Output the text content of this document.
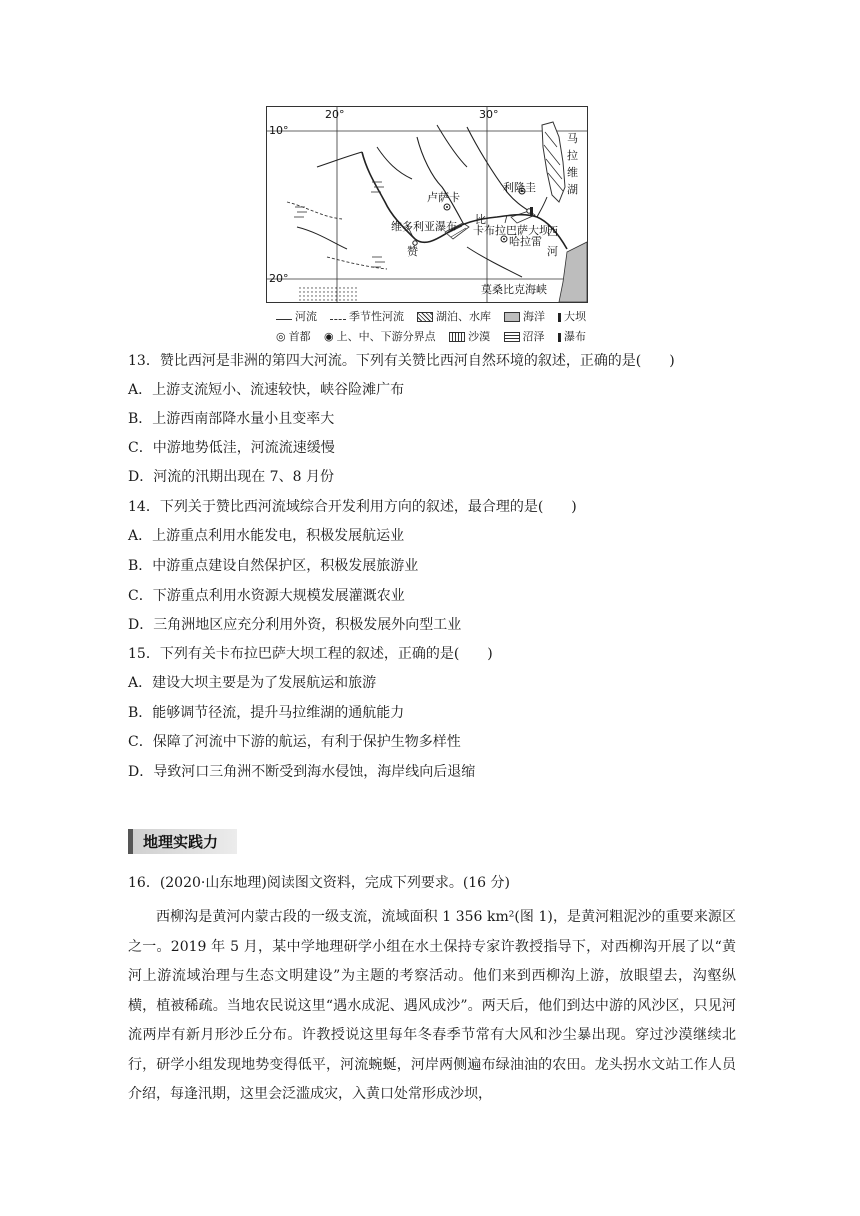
10°
20°
20°	30°
马
拉
维
湖
卢萨卡
利隆圭
维多利亚瀑布
赞
比
卡布拉巴萨大坝
哈拉雷
西
河
莫桑比克海峡
河流	季节性河流	湖泊、水库	海洋 大坝
◎ 首都 ◉ 上、中、下游分界点	沙漠	沼泽 瀑布
13．赞比西河是非洲的第四大河流。下列有关赞比西河自然环境的叙述，正确的是(　　)
A．上游支流短小、流速较快，峡谷险滩广布
B．上游西南部降水量小且变率大
C．中游地势低洼，河流流速缓慢
D．河流的汛期出现在 7、8 月份
14．下列关于赞比西河流域综合开发利用方向的叙述，最合理的是(　　)
A．上游重点利用水能发电，积极发展航运业
B．中游重点建设自然保护区，积极发展旅游业
C．下游重点利用水资源大规模发展灌溉农业
D．三角洲地区应充分利用外资，积极发展外向型工业
15．下列有关卡布拉巴萨大坝工程的叙述，正确的是(　　)
A．建设大坝主要是为了发展航运和旅游
B．能够调节径流，提升马拉维湖的通航能力
C．保障了河流中下游的航运，有利于保护生物多样性
D．导致河口三角洲不断受到海水侵蚀，海岸线向后退缩
地理实践力
16．(2020·山东地理)阅读图文资料，完成下列要求。(16 分)
西柳沟是黄河内蒙古段的一级支流，流域面积 1 356 km²(图 1)，是黄河粗泥沙的重要来源区之一。2019 年 5 月，某中学地理研学小组在水土保持专家许教授指导下，对西柳沟开展了以“黄河上游流域治理与生态文明建设”为主题的考察活动。他们来到西柳沟上游，放眼望去，沟壑纵横，植被稀疏。当地农民说这里“遇水成泥、遇风成沙”。两天后，他们到达中游的风沙区，只见河流两岸有新月形沙丘分布。许教授说这里每年冬春季节常有大风和沙尘暴出现。穿过沙漠继续北行，研学小组发现地势变得低平，河流蜿蜒，河岸两侧遍布绿油油的农田。龙头拐水文站工作人员介绍，每逢汛期，这里会泛滥成灾，入黄口处常形成沙坝，
